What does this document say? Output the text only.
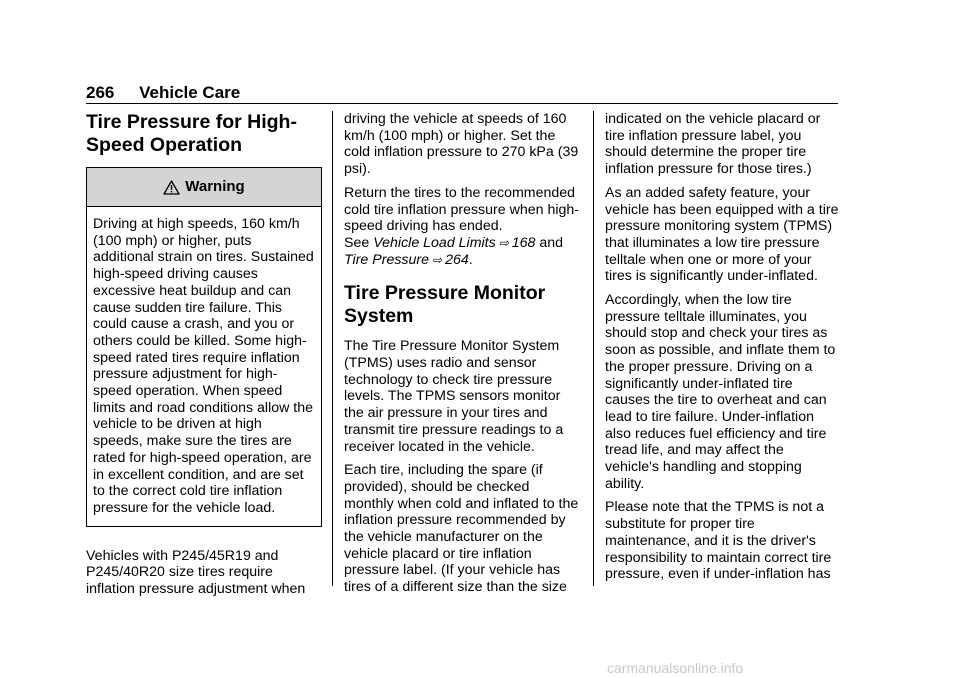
266 Vehicle Care
Tire Pressure for High-Speed Operation
Warning
Driving at high speeds, 160 km/h (100 mph) or higher, puts additional strain on tires. Sustained high-speed driving causes excessive heat buildup and can cause sudden tire failure. This could cause a crash, and you or others could be killed. Some high-speed rated tires require inflation pressure adjustment for high-speed operation. When speed limits and road conditions allow the vehicle to be driven at high speeds, make sure the tires are rated for high-speed operation, are in excellent condition, and are set to the correct cold tire inflation pressure for the vehicle load.

Vehicles with P245/45R19 and P245/40R20 size tires require inflation pressure adjustment when

driving the vehicle at speeds of 160 km/h (100 mph) or higher. Set the cold inflation pressure to 270 kPa (39 psi).

Return the tires to the recommended cold tire inflation pressure when high-speed driving has ended.
See Vehicle Load Limits ⇨ 168 and
Tire Pressure ⇨ 264.

Tire Pressure Monitor System

The Tire Pressure Monitor System (TPMS) uses radio and sensor technology to check tire pressure levels. The TPMS sensors monitor the air pressure in your tires and transmit tire pressure readings to a receiver located in the vehicle.

Each tire, including the spare (if provided), should be checked monthly when cold and inflated to the inflation pressure recommended by the vehicle manufacturer on the vehicle placard or tire inflation pressure label. (If your vehicle has tires of a different size than the size

indicated on the vehicle placard or tire inflation pressure label, you should determine the proper tire inflation pressure for those tires.)

As an added safety feature, your vehicle has been equipped with a tire pressure monitoring system (TPMS) that illuminates a low tire pressure telltale when one or more of your tires is significantly under-inflated.

Accordingly, when the low tire pressure telltale illuminates, you should stop and check your tires as soon as possible, and inflate them to the proper pressure. Driving on a significantly under-inflated tire causes the tire to overheat and can lead to tire failure. Under-inflation also reduces fuel efficiency and tire tread life, and may affect the vehicle's handling and stopping ability.

Please note that the TPMS is not a substitute for proper tire maintenance, and it is the driver's responsibility to maintain correct tire pressure, even if under-inflation has

carmanualsonline.info
